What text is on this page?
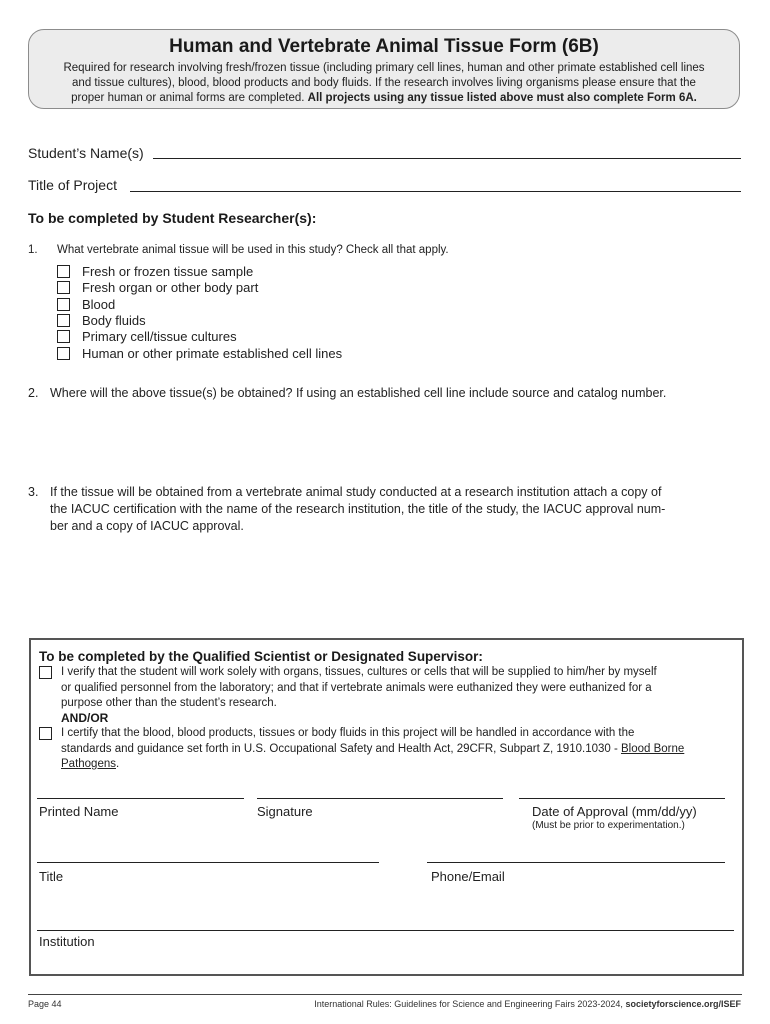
Human and Vertebrate Animal Tissue Form (6B)
Required for research involving fresh/frozen tissue (including primary cell lines, human and other primate established cell lines
and tissue cultures), blood, blood products and body fluids. If the research involves living organisms please ensure that the
proper human or animal forms are completed. All projects using any tissue listed above must also complete Form 6A.
Student’s Name(s)
Title of Project
To be completed by Student Researcher(s):
1. What vertebrate animal tissue will be used in this study? Check all that apply.
Fresh or frozen tissue sample
Fresh organ or other body part
Blood
Body fluids
Primary cell/tissue cultures
Human or other primate established cell lines
2. Where will the above tissue(s) be obtained? If using an established cell line include source and catalog number.
3. If the tissue will be obtained from a vertebrate animal study conducted at a research institution attach a copy of
the IACUC certification with the name of the research institution, the title of the study, the IACUC approval num-
ber and a copy of IACUC approval.
To be completed by the Qualified Scientist or Designated Supervisor:
I verify that the student will work solely with organs, tissues, cultures or cells that will be supplied to him/her by myself
or qualified personnel from the laboratory; and that if vertebrate animals were euthanized they were euthanized for a
purpose other than the student’s research.
AND/OR
I certify that the blood, blood products, tissues or body fluids in this project will be handled in accordance with the
standards and guidance set forth in U.S. Occupational Safety and Health Act, 29CFR, Subpart Z, 1910.1030 - Blood Borne
Pathogens.
Printed Name	Signature	Date of Approval (mm/dd/yy)
(Must be prior to experimentation.)
Title	Phone/Email
Institution
Page 44	International Rules: Guidelines for Science and Engineering Fairs 2023-2024, societyforscience.org/ISEF
